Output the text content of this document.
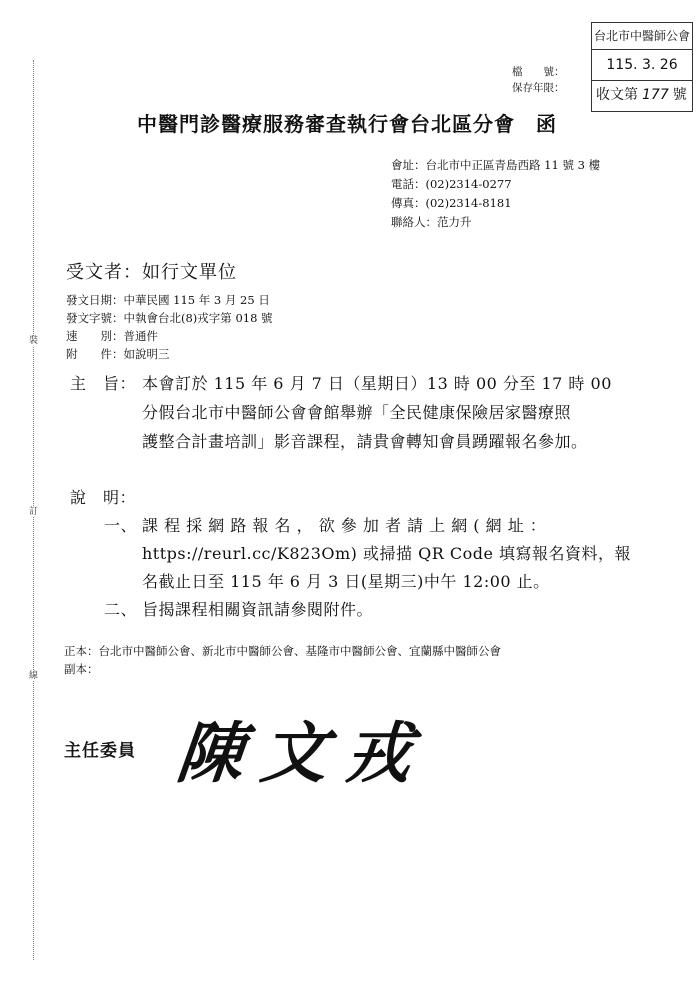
裝
訂
線
檔　　號：
保存年限：
台北市中醫師公會
115. 3. 26
收文第 177 號
中醫門診醫療服務審查執行會台北區分會　函
會址：台北市中正區青島西路 11 號 3 樓
電話：(02)2314-0277
傳真：(02)2314-8181
聯絡人：范力升
受文者：如行文單位
發文日期：中華民國 115 年 3 月 25 日
發文字號：中執會台北(8)戎字第 018 號
速　　別：普通件
附　　件：如說明三
主　旨： 本會訂於 115 年 6 月 7 日（星期日）13 時 00 分至 17 時 00
分假台北市中醫師公會會館舉辦「全民健康保險居家醫療照
護整合計畫培訓」影音課程，請貴會轉知會員踴躍報名參加。
說　明：
一、 課 程 採 網 路 報 名 ， 欲 參 加 者 請 上 網 ( 網 址 ：
https://reurl.cc/K823Om) 或掃描 QR Code 填寫報名資料，報
名截止日至 115 年 6 月 3 日(星期三)中午 12:00 止。
二、 旨揭課程相關資訊請參閱附件。
正本：台北市中醫師公會、新北市中醫師公會、基隆市中醫師公會、宜蘭縣中醫師公會
副本：
主任委員 陳文戎
